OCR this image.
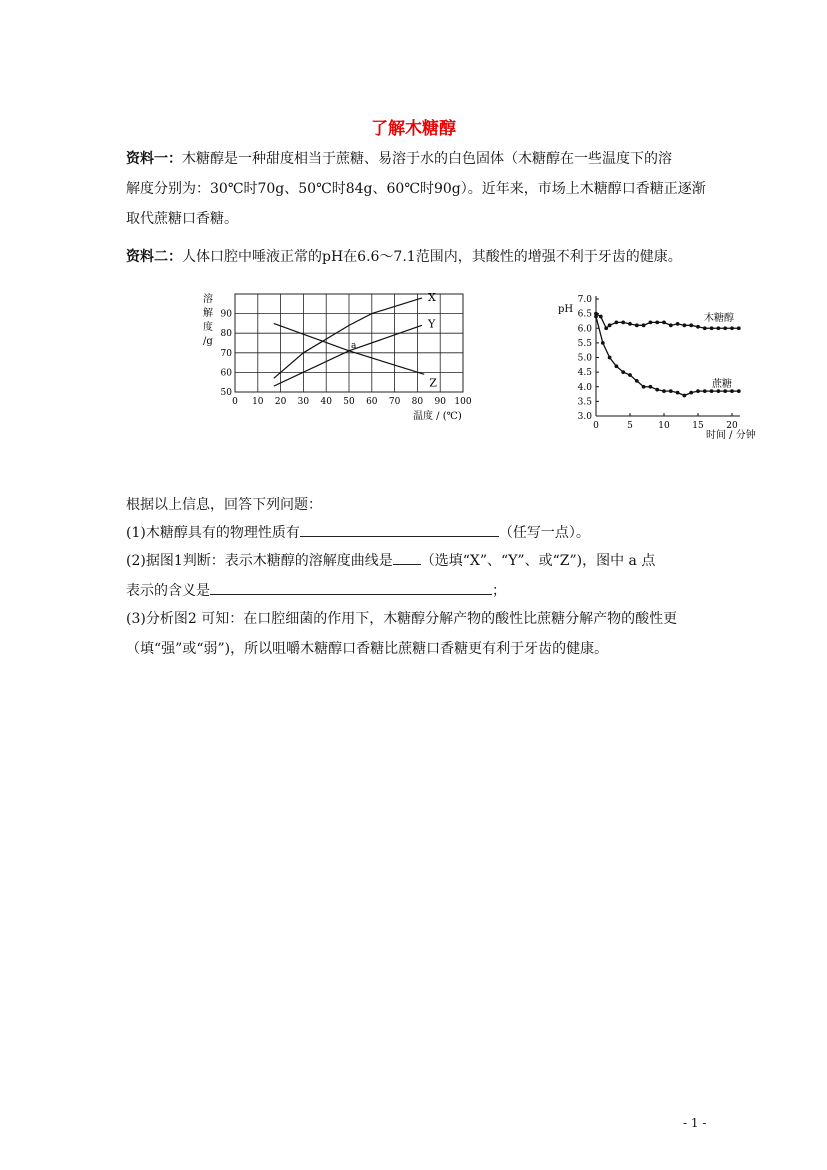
了解木糖醇
资料一：木糖醇是一种甜度相当于蔗糖、易溶于水的白色固体（木糖醇在一些温度下的溶
解度分别为：30℃时70g、50℃时84g、60℃时90g）。近年来，市场上木糖醇口香糖正逐渐
取代蔗糖口香糖。
资料二：人体口腔中唾液正常的pH在6.6～7.1范围内，其酸性的增强不利于牙齿的健康。
X
Y
Z
a
0 10 20 30 40 50 60 70 80 90 100
50
60
70
80
90
溶
解
度
/g
温度 / (℃)
木糖醇
蔗糖
3.0
3.5
4.0
4.5
5.0
5.5
6.0
6.5
7.0
0	5	10	15	20
pH
时间 / 分钟
根据以上信息，回答下列问题：
(1)木糖醇具有的物理性质有	（任写一点）。
(2)据图1判断：表示木糖醇的溶解度曲线是 （选填“X”、“Y”、或“Z”)，图中 a 点
表示的含义是	；
(3)分析图2 可知：在口腔细菌的作用下，木糖醇分解产物的酸性比蔗糖分解产物的酸性更
（填“强”或“弱”)，所以咀嚼木糖醇口香糖比蔗糖口香糖更有利于牙齿的健康。
- 1 -
